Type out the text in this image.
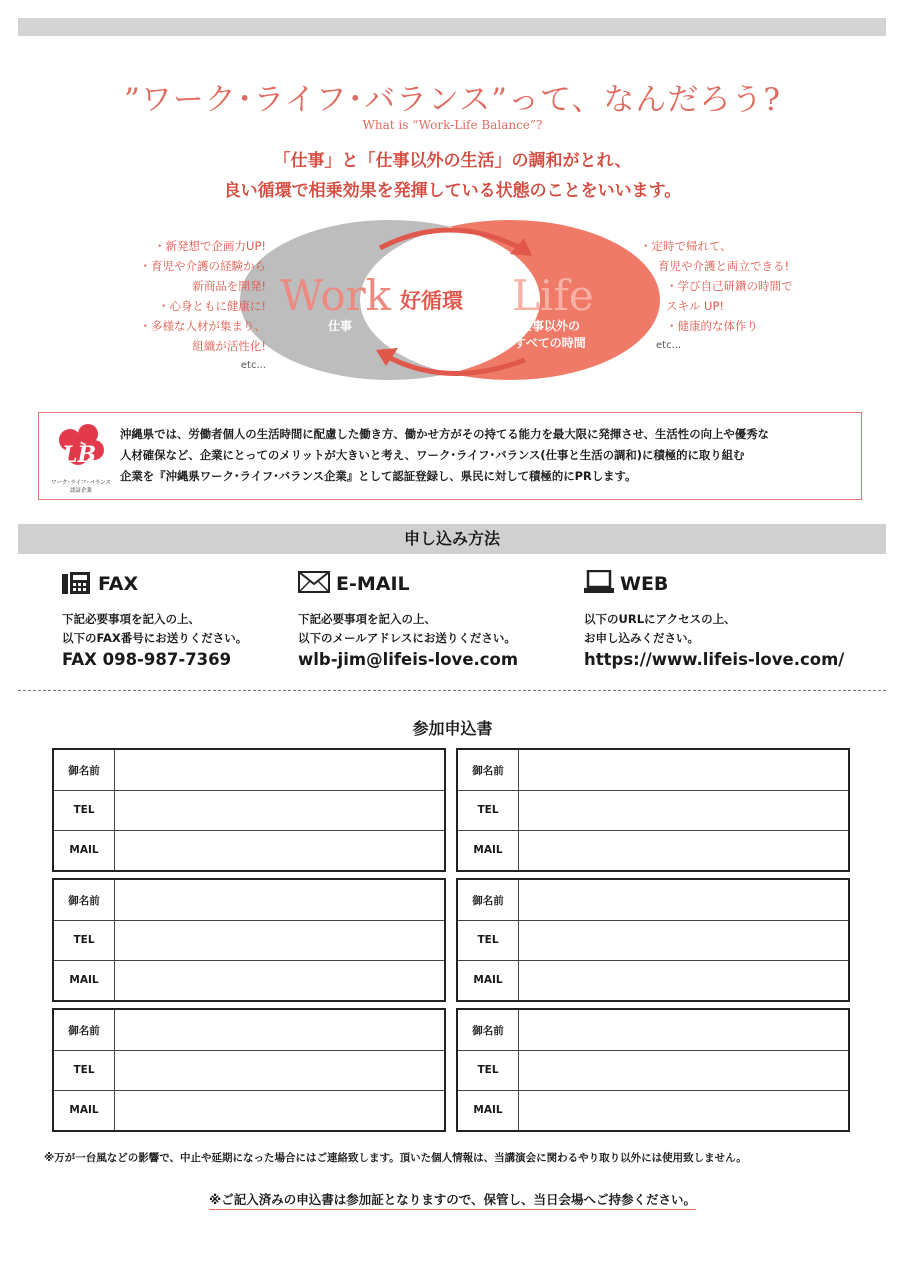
”ワーク･ライフ･バランス”って、なんだろう?
What is “Work-Life Balance”?
「仕事」と「仕事以外の生活」の調和がとれ、
良い循環で相乗効果を発揮している状態のことをいいます。
Work
仕事
好循環 Life
仕事以外の
すべての時間
・新発想で企画力UP!
・育児や介護の経験から
新商品を開発!
・心身ともに健康に!
・多様な人材が集まり、
組織が活性化!
etc...
・定時で帰れて、
育児や介護と両立できる!
・学び自己研鑽の時間で
スキル UP!
・健康的な体作り
etc...
LB
ワーク･ライフ･バランス
認証企業
沖縄県では、労働者個人の生活時間に配慮した働き方、働かせ方がその持てる能力を最大限に発揮させ、生活性の向上や優秀な
人材確保など、企業にとってのメリットが大きいと考え、ワーク･ライフ･バランス(仕事と生活の調和)に積極的に取り組む
企業を『沖縄県ワーク･ライフ･バランス企業』として認証登録し、県民に対して積極的にPRします。
申し込み方法
FAX
下記必要事項を記入の上、
以下のFAX番号にお送りください。
FAX 098-987-7369
E-MAIL
下記必要事項を記入の上、
以下のメールアドレスにお送りください。
wlb-jim@lifeis-love.com
WEB
以下のURLにアクセスの上、
お申し込みください。
https://www.lifeis-love.com/
参加申込書
御名前
TEL
MAIL
御名前
TEL
MAIL
御名前
TEL
MAIL
御名前
TEL
MAIL
御名前
TEL
MAIL
御名前
TEL
MAIL
※万が一台風などの影響で、中止や延期になった場合にはご連絡致します。頂いた個人情報は、当講演会に関わるやり取り以外には使用致しません。
※ご記入済みの申込書は参加証となりますので、保管し、当日会場へご持参ください。
